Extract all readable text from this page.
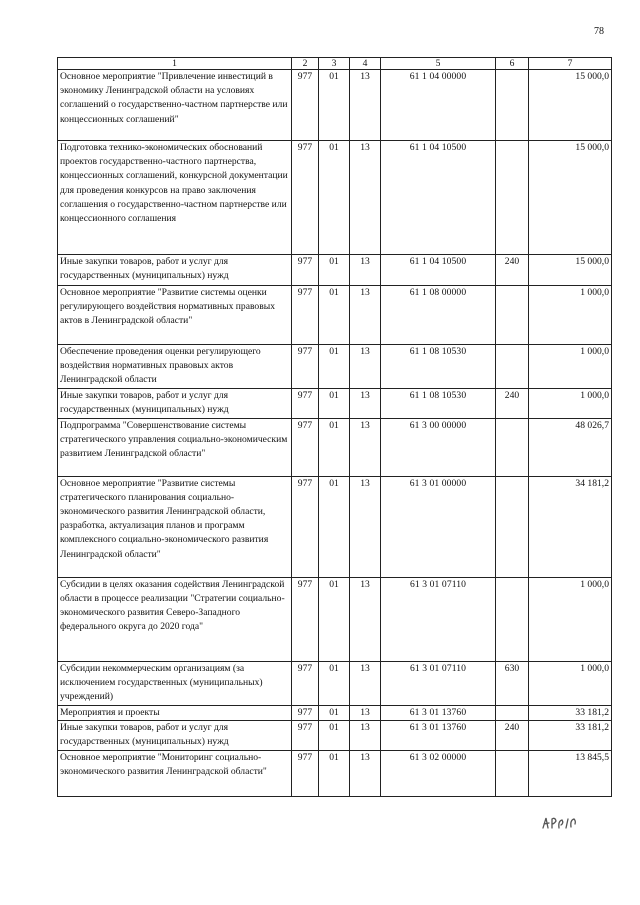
78
1	2	3	4	5	6	7
Основное мероприятие "Привлечение инвестиций в экономику Ленинградской области на условиях соглашений о государственно-частном партнерстве или концессионных соглашений"	977	01	13	61 1 04 00000		15 000,0
Подготовка технико-экономических обоснований проектов государственно-частного партнерства, концессионных соглашений, конкурсной документации для проведения конкурсов на право заключения соглашения о государственно-частном партнерстве или концессионного соглашения	977	01	13	61 1 04 10500		15 000,0
Иные закупки товаров, работ и услуг для государственных (муниципальных) нужд	977	01	13	61 1 04 10500	240	15 000,0
Основное мероприятие "Развитие системы оценки регулирующего воздействия нормативных правовых актов в Ленинградской области"	977	01	13	61 1 08 00000		1 000,0
Обеспечение проведения оценки регулирующего воздействия нормативных правовых актов Ленинградской области	977	01	13	61 1 08 10530		1 000,0
Иные закупки товаров, работ и услуг для государственных (муниципальных) нужд	977	01	13	61 1 08 10530	240	1 000,0
Подпрограмма "Совершенствование системы стратегического управления социально-экономическим развитием Ленинградской области"	977	01	13	61 3 00 00000		48 026,7
Основное мероприятие "Развитие системы стратегического планирования социально-экономического развития Ленинградской области, разработка, актуализация планов и программ комплексного социально-экономического развития Ленинградской области"	977	01	13	61 3 01 00000		34 181,2
Субсидии в целях оказания содействия Ленинградской области в процессе реализации "Стратегии социально-экономического развития Северо-Западного федерального округа до 2020 года"	977	01	13	61 3 01 07110		1 000,0
Субсидии некоммерческим организациям (за исключением государственных (муниципальных) учреждений)	977	01	13	61 3 01 07110	630	1 000,0
Мероприятия и проекты	977	01	13	61 3 01 13760		33 181,2
Иные закупки товаров, работ и услуг для государственных (муниципальных) нужд	977	01	13	61 3 01 13760	240	33 181,2
Основное мероприятие "Мониторинг социально-экономического развития Ленинградской области"	977	01	13	61 3 02 00000		13 845,5
